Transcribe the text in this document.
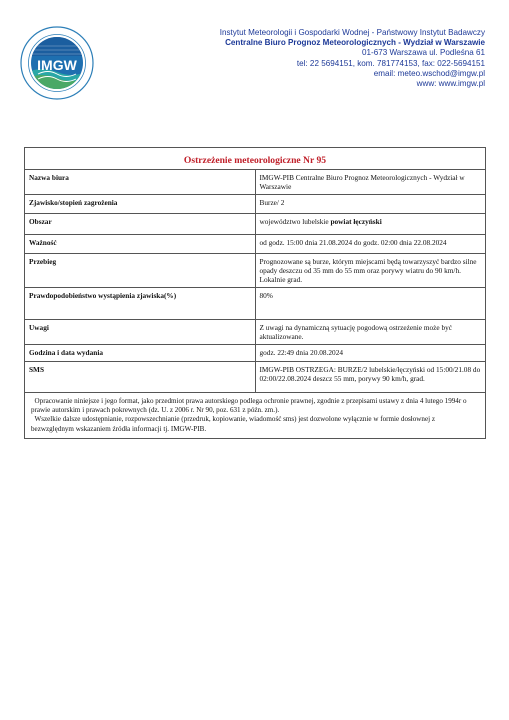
IMGW
Instytut Meteorologii i Gospodarki Wodnej - Państwowy Instytut Badawczy
Centralne Biuro Prognoz Meteorologicznych - Wydział w Warszawie
01-673 Warszawa ul. Podleśna 61
tel: 22 5694151, kom. 781774153, fax: 022-5694151
email: meteo.wschod@imgw.pl
www: www.imgw.pl
Ostrzeżenie meteorologiczne Nr 95	
Nazwa biura	IMGW-PIB Centralne Biuro Prognoz Meteorologicznych - Wydział w Warszawie
Zjawisko/stopień zagrożenia	Burze/ 2
Obszar	województwo lubelskie powiat łęczyński
Ważność	od godz. 15:00 dnia 21.08.2024 do godz. 02:00 dnia 22.08.2024
Przebieg	Prognozowane są burze, którym miejscami będą towarzyszyć bardzo silne opady deszczu od 35 mm do 55 mm oraz porywy wiatru do 90 km/h. Lokalnie grad.
Prawdopodobieństwo wystąpienia zjawiska(%)	80%
Uwagi	Z uwagi na dynamiczną sytuację pogodową ostrzeżenie może być aktualizowane.
Godzina i data wydania	godz. 22:49 dnia 20.08.2024
SMS	IMGW-PIB OSTRZEGA: BURZE/2 lubelskie/łęczyński od 15:00/21.08 do 02:00/22.08.2024 deszcz 55 mm, porywy 90 km/h, grad.

Opracowanie niniejsze i jego format, jako przedmiot prawa autorskiego podlega ochronie prawnej, zgodnie z przepisami ustawy z dnia 4 lutego 1994r o prawie autorskim i prawach pokrewnych (dz. U. z 2006 r. Nr 90, poz. 631 z późn. zm.).

Wszelkie dalsze udostępnianie, rozpowszechnianie (przedruk, kopiowanie, wiadomość sms) jest dozwolone wyłącznie w formie dosłownej z bezwzględnym wskazaniem źródła informacji tj. IMGW-PIB.	
